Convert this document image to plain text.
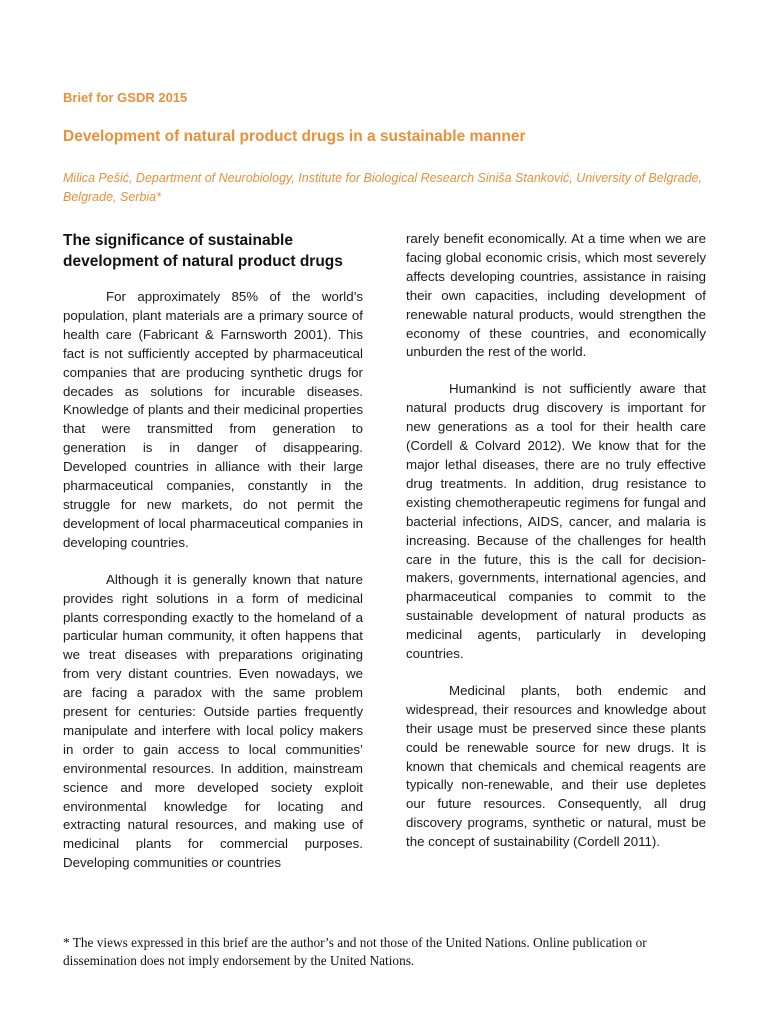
Brief for GSDR 2015
Development of natural product drugs in a sustainable manner
Milica Pešić, Department of Neurobiology, Institute for Biological Research Siniša Stanković, University of Belgrade, Belgrade, Serbia*
The significance of sustainable development of natural product drugs

For approximately 85% of the world’s population, plant materials are a primary source of health care (Fabricant & Farnsworth 2001). This fact is not sufficiently accepted by pharmaceutical companies that are producing synthetic drugs for decades as solutions for incurable diseases. Knowledge of plants and their medicinal properties that were transmitted from generation to generation is in danger of disappearing. Developed countries in alliance with their large pharmaceutical companies, constantly in the struggle for new markets, do not permit the development of local pharmaceutical companies in developing countries.

Although it is generally known that nature provides right solutions in a form of medicinal plants corresponding exactly to the homeland of a particular human community, it often happens that we treat diseases with preparations originating from very distant countries. Even nowadays, we are facing a paradox with the same problem present for centuries: Outside parties frequently manipulate and interfere with local policy makers in order to gain access to local communities’ environmental resources. In addition, mainstream science and more developed society exploit environmental knowledge for locating and extracting natural resources, and making use of medicinal plants for commercial purposes. Developing communities or countries

rarely benefit economically. At a time when we are facing global economic crisis, which most severely affects developing countries, assistance in raising their own capacities, including development of renewable natural products, would strengthen the economy of these countries, and economically unburden the rest of the world.

Humankind is not sufficiently aware that natural products drug discovery is important for new generations as a tool for their health care (Cordell & Colvard 2012). We know that for the major lethal diseases, there are no truly effective drug treatments. In addition, drug resistance to existing chemotherapeutic regimens for fungal and bacterial infections, AIDS, cancer, and malaria is increasing. Because of the challenges for health care in the future, this is the call for decision-makers, governments, international agencies, and pharmaceutical companies to commit to the sustainable development of natural products as medicinal agents, particularly in developing countries.

Medicinal plants, both endemic and widespread, their resources and knowledge about their usage must be preserved since these plants could be renewable source for new drugs. It is known that chemicals and chemical reagents are typically non-renewable, and their use depletes our future resources. Consequently, all drug discovery programs, synthetic or natural, must be the concept of sustainability (Cordell 2011).

* The views expressed in this brief are the author’s and not those of the United Nations. Online publication or dissemination does not imply endorsement by the United Nations.
